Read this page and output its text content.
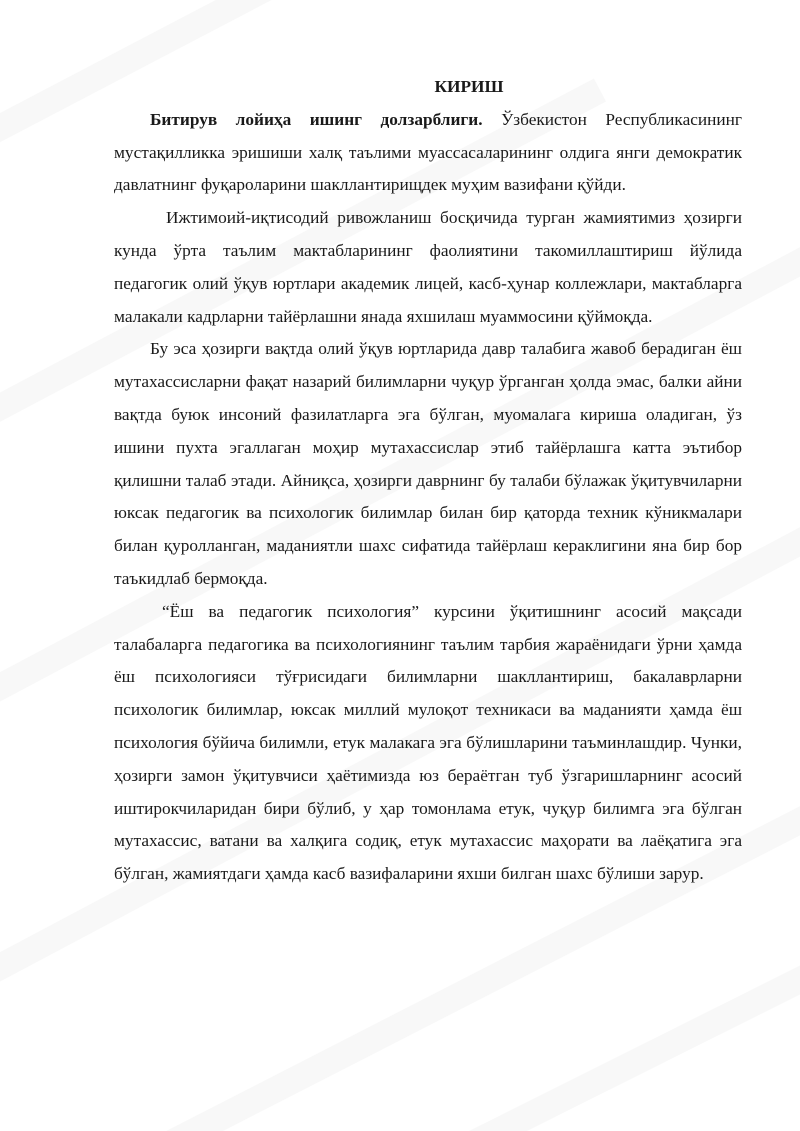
КИРИШ

Битирув лойиҳа ишинг долзарблиги. Ўзбекистон Республикасининг мустақилликка эришиши халқ таълими муассасаларининг олдига янги демократик давлатнинг фуқароларини шакллантирищдек муҳим вазифани қўйди.

Ижтимоий-иқтисодий ривожланиш босқичида турган жамиятимиз ҳозирги кунда ўрта таълим мактабларининг фаолиятини такомиллаштириш йўлида педагогик олий ўқув юртлари академик лицей, касб-ҳунар коллежлари, мактабларга малакали кадрларни тайёрлашни янада яхшилаш муаммосини қўймоқда.

Бу эса ҳозирги вақтда олий ўқув юртларида давр талабига жавоб берадиган ёш мутахассисларни фақат назарий билимларни чуқур ўрганган ҳолда эмас, балки айни вақтда буюк инсоний фазилатларга эга бўлган, муомалага кириша оладиган, ўз ишини пухта эгаллаган моҳир мутахассислар этиб тайёрлашга катта эътибор қилишни талаб этади. Айниқса, ҳозирги даврнинг бу талаби бўлажак ўқитувчиларни юксак педагогик ва психологик билимлар билан бир қаторда техник кўникмалари билан қуролланган, маданиятли шахс сифатида тайёрлаш кераклигини яна бир бор таъкидлаб бермоқда.

“Ёш ва педагогик психология” курсини ўқитишнинг асосий мақсади талабаларга педагогика ва психологиянинг таълим тарбия жараёнидаги ўрни ҳамда ёш психологияси тўғрисидаги билимларни шакллантириш, бакалаврларни психологик билимлар, юксак миллий мулоқот техникаси ва маданияти ҳамда ёш психология бўйича билимли, етук малакага эга бўлишларини таъминлашдир. Чунки, ҳозирги замон ўқитувчиси ҳаётимизда юз бераётган туб ўзгаришларнинг асосий иштирокчиларидан бири бўлиб, у ҳар томонлама етук, чуқур билимга эга бўлган мутахассис, ватани ва халқига содиқ, етук мутахассис маҳорати ва лаёқатига эга бўлган, жамиятдаги ҳамда касб вазифаларини яхши билган шахс бўлиши зарур.
